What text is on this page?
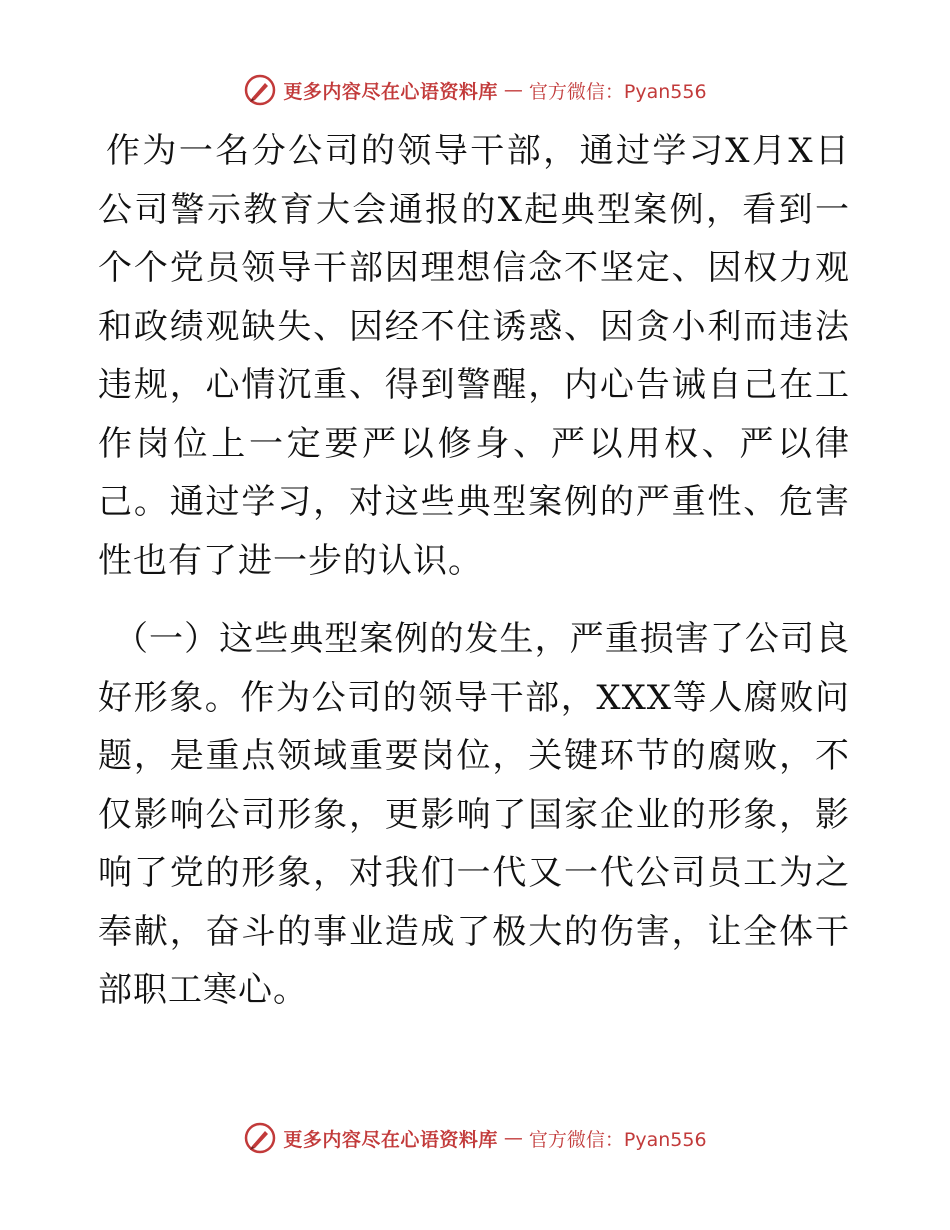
更多内容尽在心语资料库 — 官方微信：Pyan556

作为一名分公司的领导干部，通过学习X月X日公司警示教育大会通报的X起典型案例，看到一个个党员领导干部因理想信念不坚定、因权力观和政绩观缺失、因经不住诱惑、因贪小利而违法违规，心情沉重、得到警醒，内心告诫自己在工作岗位上一定要严以修身、严以用权、严以律己。通过学习，对这些典型案例的严重性、危害性也有了进一步的认识。

（一）这些典型案例的发生，严重损害了公司良好形象。作为公司的领导干部，XXX等人腐败问题，是重点领域重要岗位，关键环节的腐败，不仅影响公司形象，更影响了国家企业的形象，影响了党的形象，对我们一代又一代公司员工为之奉献，奋斗的事业造成了极大的伤害，让全体干部职工寒心。

更多内容尽在心语资料库 — 官方微信：Pyan556
